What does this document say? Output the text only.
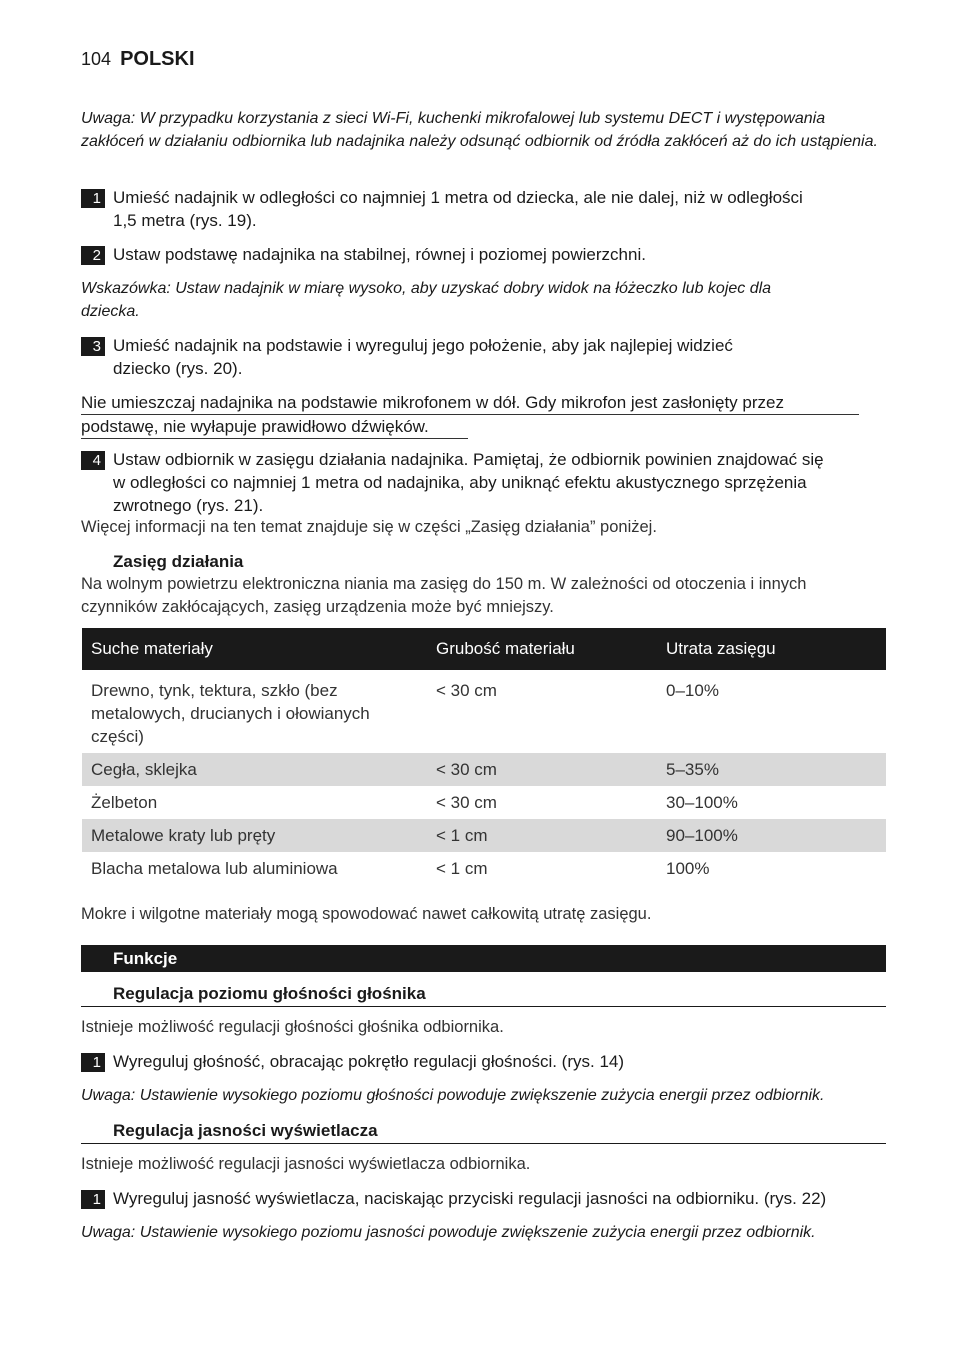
104 POLSKI
Uwaga: W przypadku korzystania z sieci Wi-Fi, kuchenki mikrofalowej lub systemu DECT i występowania zakłóceń w działaniu odbiornika lub nadajnika należy odsunąć odbiornik od źródła zakłóceń aż do ich ustąpienia.
1 Umieść nadajnik w odległości co najmniej 1 metra od dziecka, ale nie dalej, niż w odległości
1,5 metra (rys. 19).
2 Ustaw podstawę nadajnika na stabilnej, równej i poziomej powierzchni.
Wskazówka: Ustaw nadajnik w miarę wysoko, aby uzyskać dobry widok na łóżeczko lub kojec dla
dziecka.
3 Umieść nadajnik na podstawie i wyreguluj jego położenie, aby jak najlepiej widzieć
dziecko (rys. 20).
Nie umieszczaj nadajnika na podstawie mikrofonem w dół. Gdy mikrofon jest zasłonięty przez
podstawę, nie wyłapuje prawidłowo dźwięków.
4 Ustaw odbiornik w zasięgu działania nadajnika. Pamiętaj, że odbiornik powinien znajdować się
w odległości co najmniej 1 metra od nadajnika, aby uniknąć efektu akustycznego sprzężenia
zwrotnego (rys. 21).
Więcej informacji na ten temat znajduje się w części „Zasięg działania” poniżej.
Zasięg działania
Na wolnym powietrzu elektroniczna niania ma zasięg do 150 m. W zależności od otoczenia i innych
czynników zakłócających, zasięg urządzenia może być mniejszy.
Suche materiały	Grubość materiału	Utrata zasięgu
Drewno, tynk, tektura, szkło (bez metalowych, drucianych i ołowianych części)	< 30 cm	0–10%
Cegła, sklejka	< 30 cm	5–35%
Żelbeton	< 30 cm	30–100%
Metalowe kraty lub pręty	< 1 cm	90–100%
Blacha metalowa lub aluminiowa	< 1 cm	100%
Mokre i wilgotne materiały mogą spowodować nawet całkowitą utratę zasięgu.
Funkcje
Regulacja poziomu głośności głośnika
Istnieje możliwość regulacji głośności głośnika odbiornika.
1 Wyreguluj głośność, obracając pokrętło regulacji głośności. (rys. 14)
Uwaga: Ustawienie wysokiego poziomu głośności powoduje zwiększenie zużycia energii przez odbiornik.
Regulacja jasności wyświetlacza
Istnieje możliwość regulacji jasności wyświetlacza odbiornika.
1 Wyreguluj jasność wyświetlacza, naciskając przyciski regulacji jasności na odbiorniku. (rys. 22)
Uwaga: Ustawienie wysokiego poziomu jasności powoduje zwiększenie zużycia energii przez odbiornik.
